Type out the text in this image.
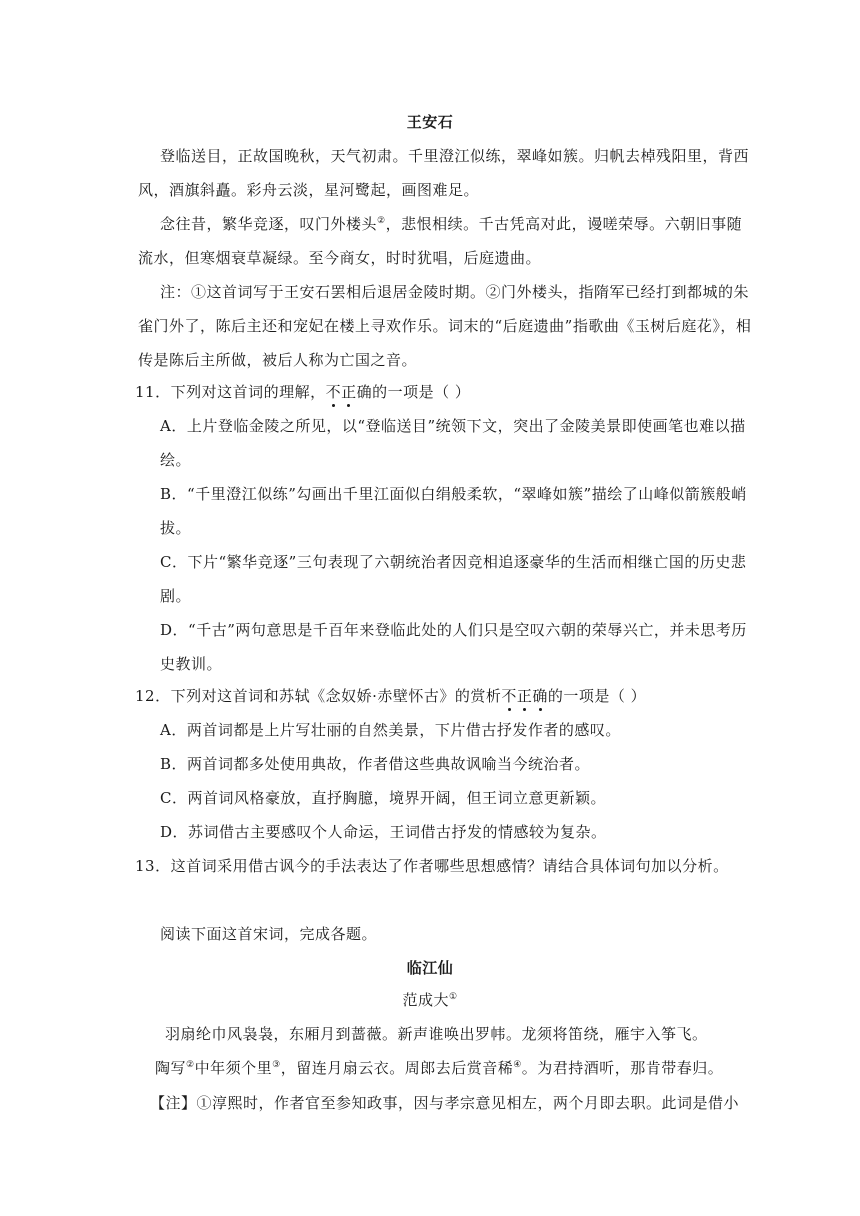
王安石
登临送目，正故国晚秋，天气初肃。千里澄江似练，翠峰如簇。归帆去棹残阳里，背西
风，酒旗斜矗。彩舟云淡，星河鹭起，画图难足。
念往昔，繁华竞逐，叹门外楼头②，悲恨相续。千古凭高对此，谩嗟荣辱。六朝旧事随
流水，但寒烟衰草凝绿。至今商女，时时犹唱，后庭遗曲。
注：①这首词写于王安石罢相后退居金陵时期。②门外楼头，指隋军已经打到都城的朱
雀门外了，陈后主还和宠妃在楼上寻欢作乐。词末的“后庭遗曲”指歌曲《玉树后庭花》，相
传是陈后主所做，被后人称为亡国之音。
11．下列对这首词的理解，不正确的一项是（ ）
A．上片登临金陵之所见，以“登临送目”统领下文，突出了金陵美景即使画笔也难以描
绘。
B．“千里澄江似练”勾画出千里江面似白绢般柔软，“翠峰如簇”描绘了山峰似箭簇般峭
拔。
C．下片“繁华竞逐”三句表现了六朝统治者因竞相追逐豪华的生活而相继亡国的历史悲
剧。
D．“千古”两句意思是千百年来登临此处的人们只是空叹六朝的荣辱兴亡，并未思考历
史教训。
12．下列对这首词和苏轼《念奴娇·赤壁怀古》的赏析不正确的一项是（ ）
A．两首词都是上片写壮丽的自然美景，下片借古抒发作者的感叹。
B．两首词都多处使用典故，作者借这些典故讽喻当今统治者。
C．两首词风格豪放，直抒胸臆，境界开阔，但王词立意更新颖。
D．苏词借古主要感叹个人命运，王词借古抒发的情感较为复杂。
13．这首词采用借古讽今的手法表达了作者哪些思想感情？请结合具体词句加以分析。
阅读下面这首宋词，完成各题。
临江仙
范成大①
羽扇纶巾风袅袅，东厢月到蔷薇。新声谁唤出罗帏。龙须将笛绕，雁宇入筝飞。
陶写②中年须个里③，留连月扇云衣。周郎去后赏音稀④。为君持酒听，那肯带春归。
【注】①淳熙时，作者官至参知政事，因与孝宗意见相左，两个月即去职。此词是借小
